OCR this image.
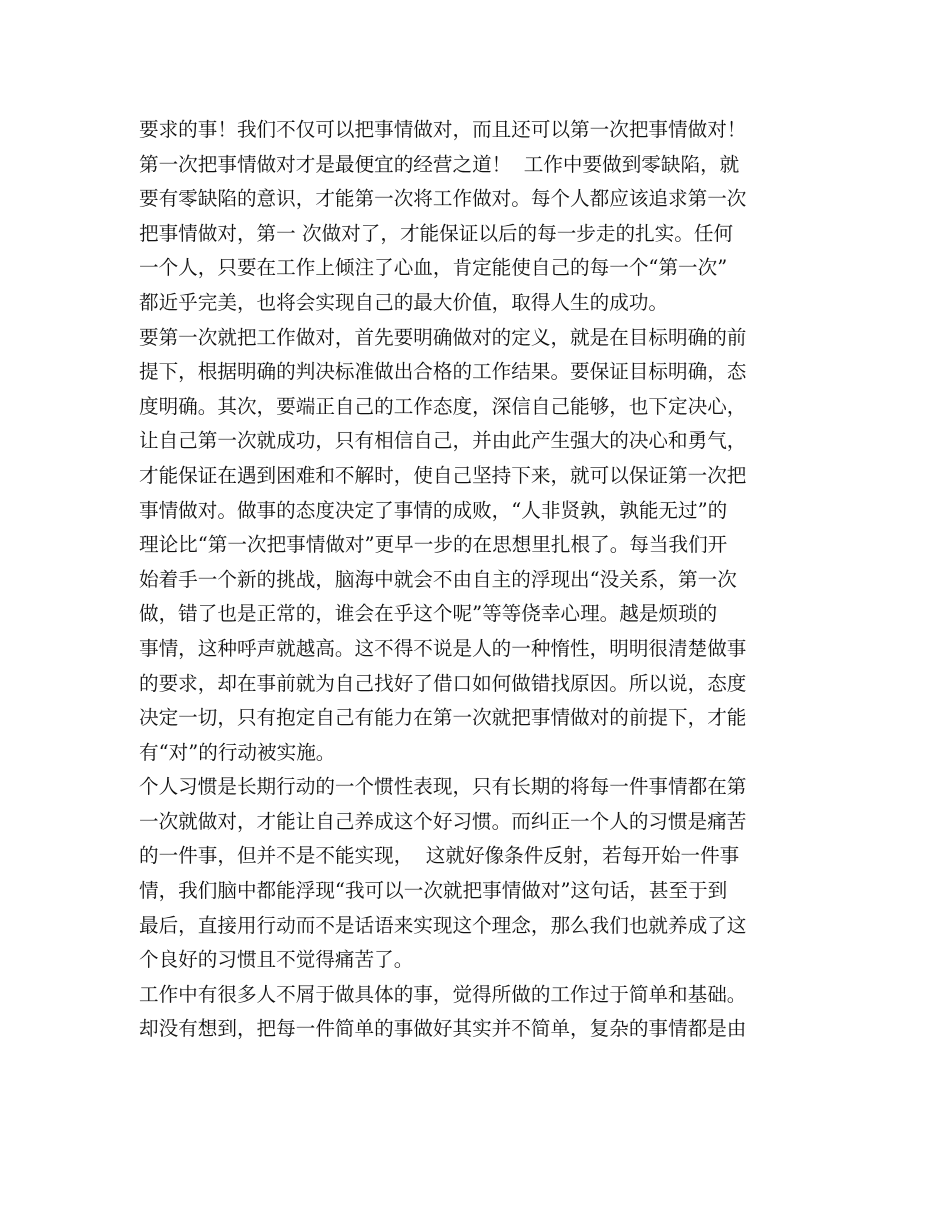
要求的事！我们不仅可以把事情做对，而且还可以第一次把事情做对！
第一次把事情做对才是最便宜的经营之道！  工作中要做到零缺陷，就
要有零缺陷的意识，才能第一次将工作做对。每个人都应该追求第一次
把事情做对，第一 次做对了，才能保证以后的每一步走的扎实。任何
一个人，只要在工作上倾注了心血，肯定能使自己的每一个“第一次”
都近乎完美，也将会实现自己的最大价值，取得人生的成功。
要第一次就把工作做对，首先要明确做对的定义，就是在目标明确的前
提下，根据明确的判决标准做出合格的工作结果。要保证目标明确，态
度明确。其次，要端正自己的工作态度，深信自己能够，也下定决心，
让自己第一次就成功，只有相信自己，并由此产生强大的决心和勇气，
才能保证在遇到困难和不解时，使自己坚持下来，就可以保证第一次把
事情做对。做事的态度决定了事情的成败，“人非贤孰，孰能无过”的
理论比“第一次把事情做对”更早一步的在思想里扎根了。每当我们开
始着手一个新的挑战，脑海中就会不由自主的浮现出“没关系，第一次
做，错了也是正常的，谁会在乎这个呢”等等侥幸心理。越是烦琐的
事情，这种呼声就越高。这不得不说是人的一种惰性，明明很清楚做事
的要求，却在事前就为自己找好了借口如何做错找原因。所以说，态度
决定一切，只有抱定自己有能力在第一次就把事情做对的前提下，才能
有“对”的行动被实施。
个人习惯是长期行动的一个惯性表现，只有长期的将每一件事情都在第
一次就做对，才能让自己养成这个好习惯。而纠正一个人的习惯是痛苦
的一件事，但并不是不能实现，  这就好像条件反射，若每开始一件事
情，我们脑中都能浮现“我可以一次就把事情做对”这句话，甚至于到
最后，直接用行动而不是话语来实现这个理念，那么我们也就养成了这
个良好的习惯且不觉得痛苦了。
工作中有很多人不屑于做具体的事，觉得所做的工作过于简单和基础。
却没有想到，把每一件简单的事做好其实并不简单，复杂的事情都是由
